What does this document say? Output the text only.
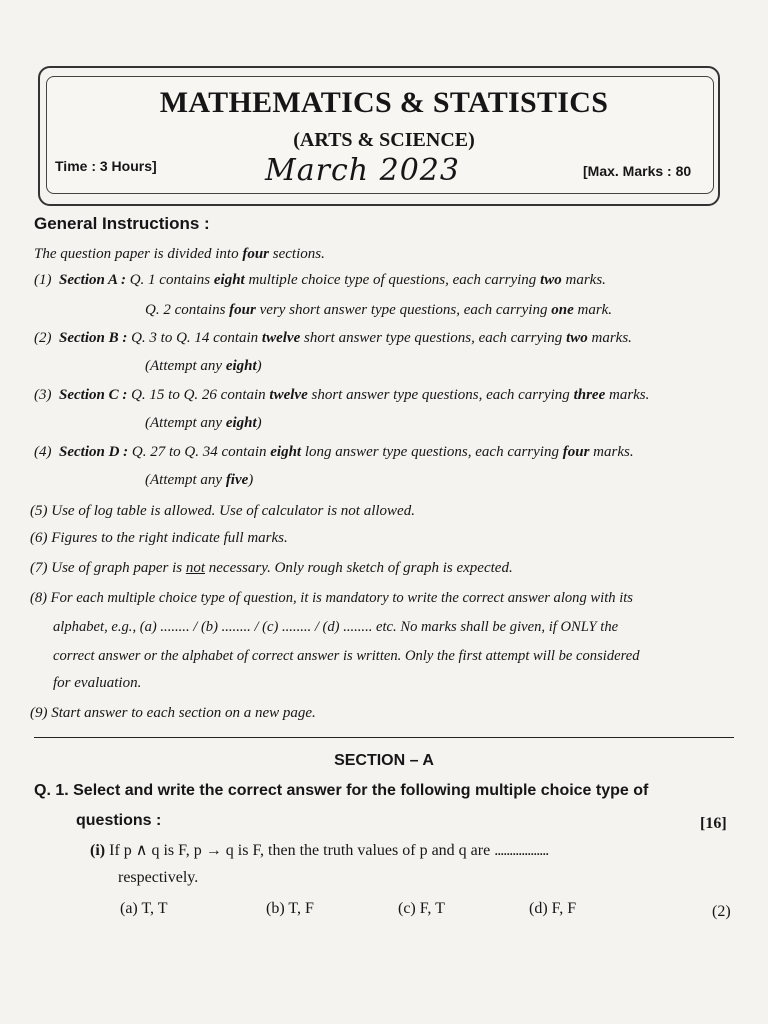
MATHEMATICS & STATISTICS
(ARTS & SCIENCE)
Time : 3 Hours]	March 2023	[Max. Marks : 80
General Instructions :
The question paper is divided into four sections.
(1) Section A : Q. 1 contains eight multiple choice type of questions, each carrying two marks.
Q. 2 contains four very short answer type questions, each carrying one mark.
(2) Section B : Q. 3 to Q. 14 contain twelve short answer type questions, each carrying two marks.
(Attempt any eight)
(3) Section C : Q. 15 to Q. 26 contain twelve short answer type questions, each carrying three marks.
(Attempt any eight)
(4) Section D : Q. 27 to Q. 34 contain eight long answer type questions, each carrying four marks.
(Attempt any five)
(5) Use of log table is allowed. Use of calculator is not allowed.
(6) Figures to the right indicate full marks.
(7) Use of graph paper is not necessary. Only rough sketch of graph is expected.
(8) For each multiple choice type of question, it is mandatory to write the correct answer along with its
alphabet, e.g., (a) ........ / (b) ........ / (c) ........ / (d) ........ etc. No marks shall be given, if ONLY the
correct answer or the alphabet of correct answer is written. Only the first attempt will be considered
for evaluation.
(9) Start answer to each section on a new page.
SECTION – A
Q. 1. Select and write the correct answer for the following multiple choice type of
questions :	[16]
(i) If p ∧ q is F, p → q is F, then the truth values of p and q are ..................
respectively.
(a) T, T	(b) T, F	(c) F, T	(d) F, F	(2)
